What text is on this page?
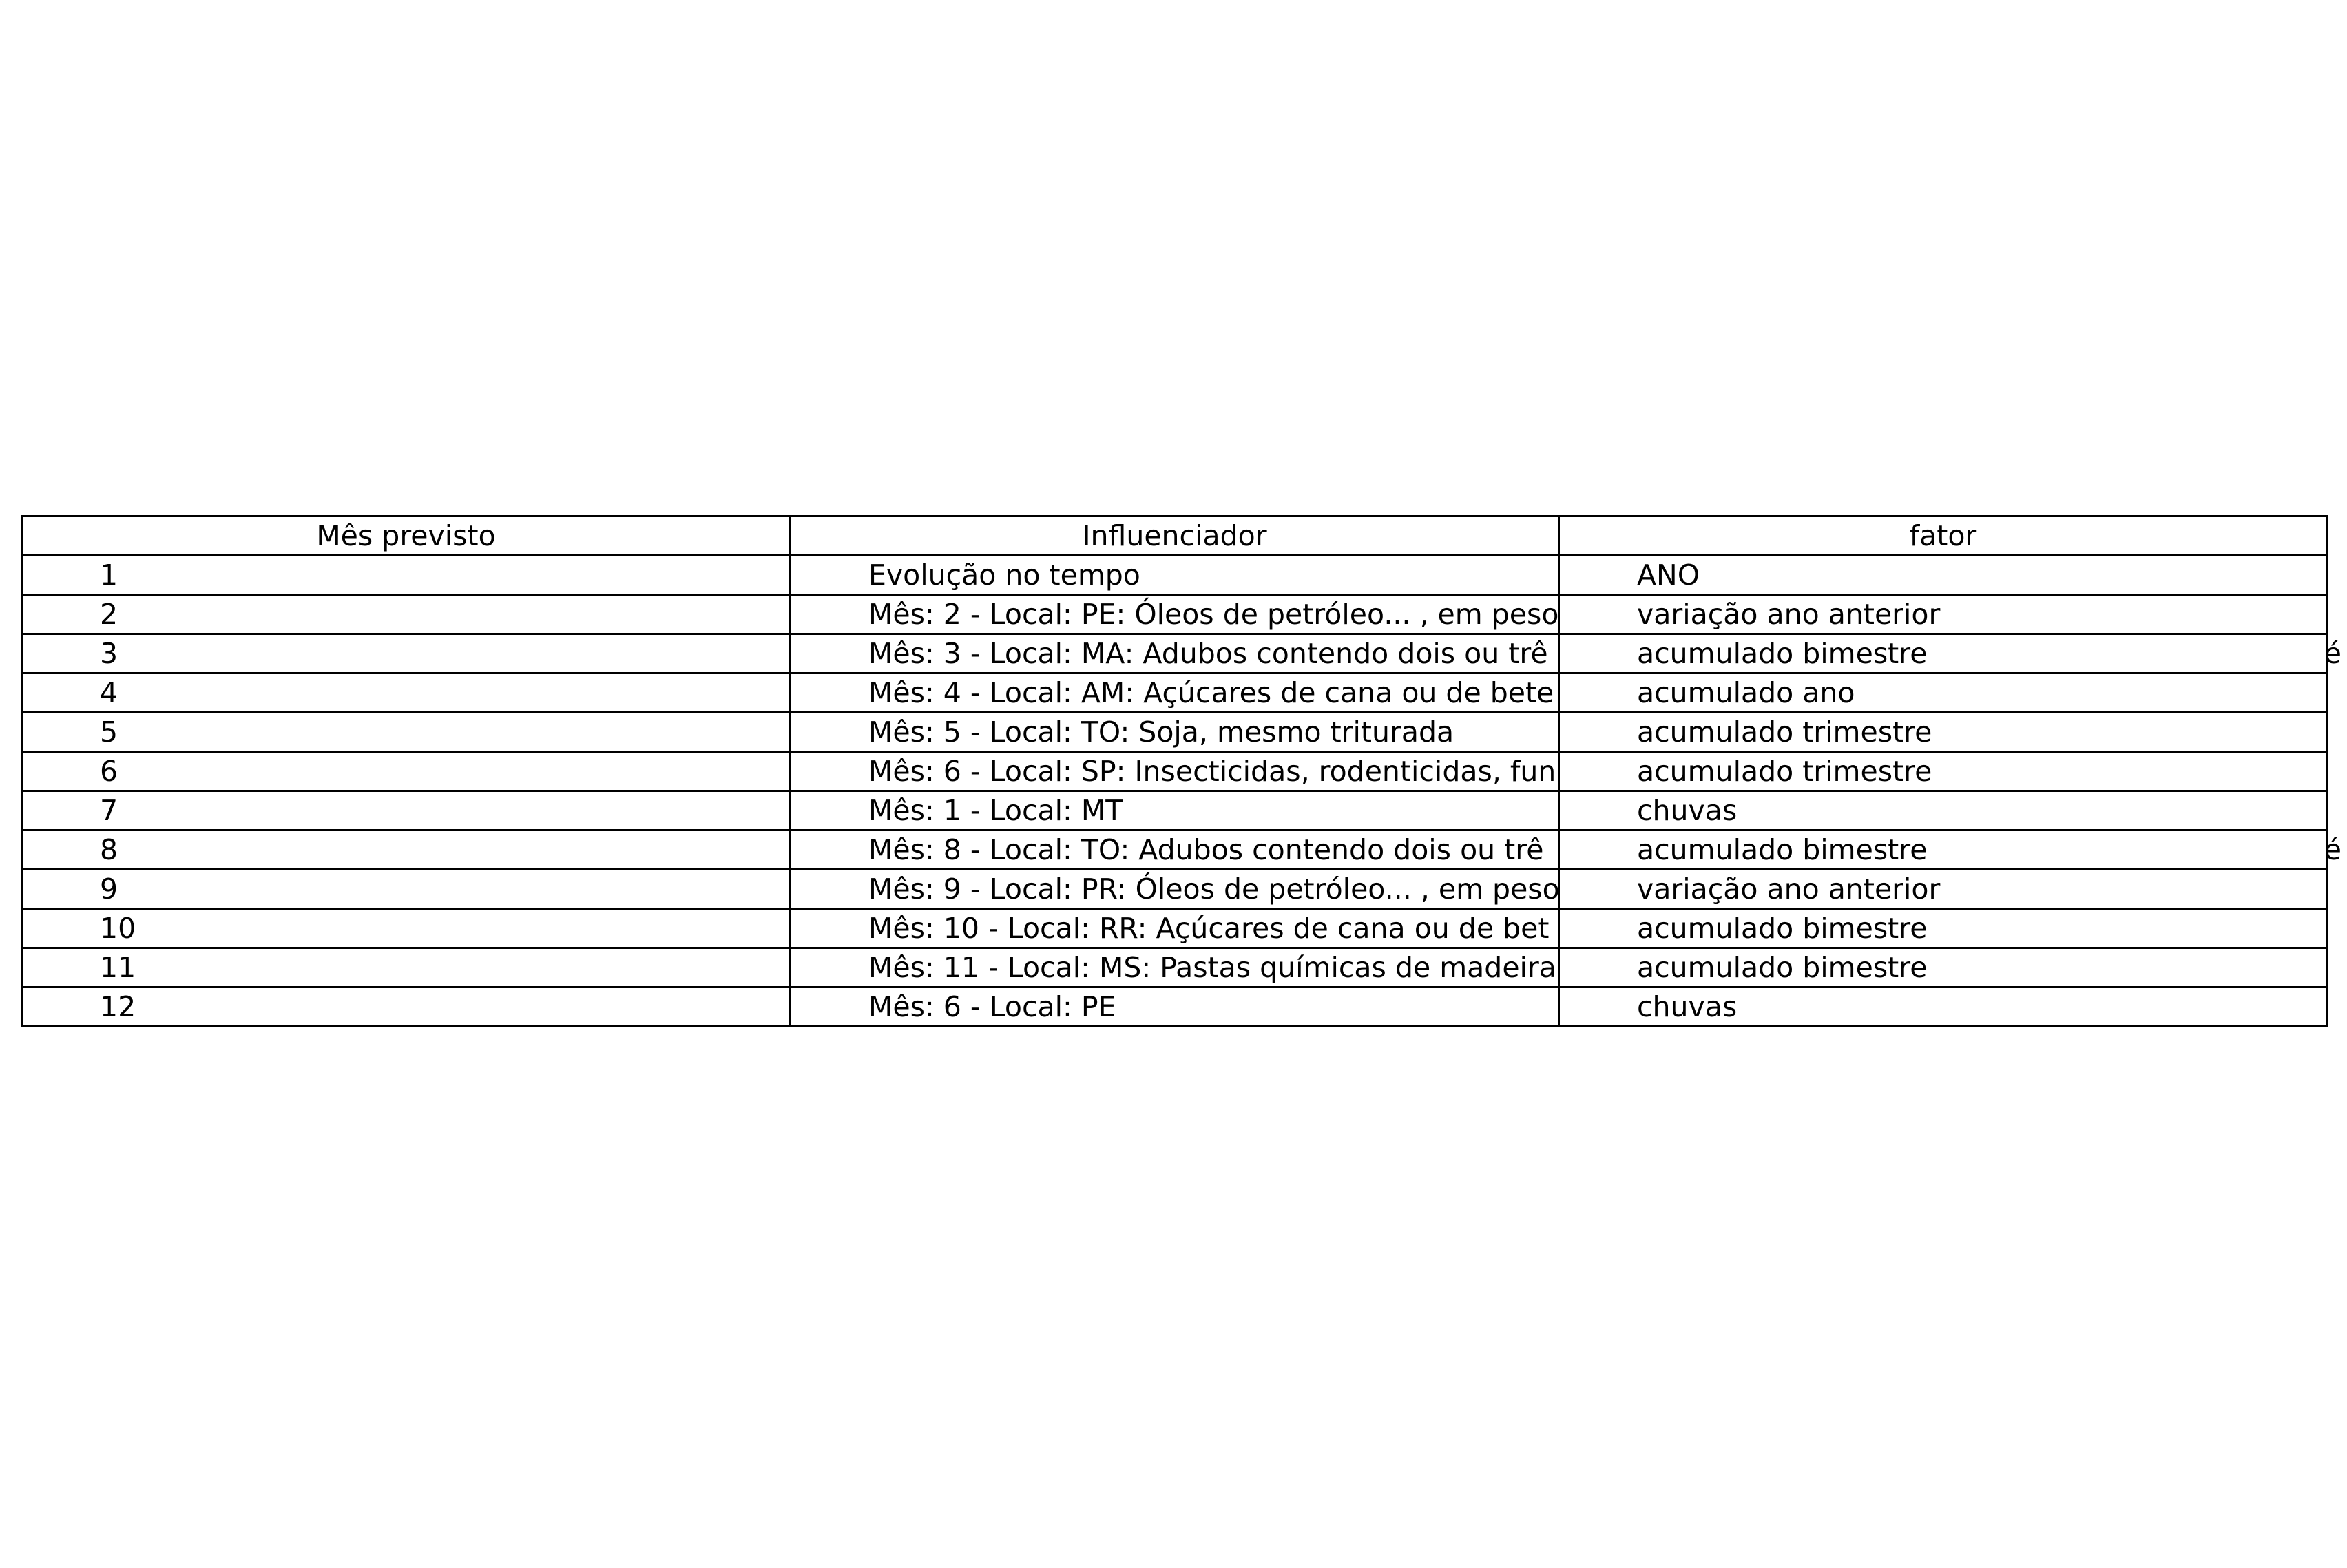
Mês previsto	Influenciador	fator
1	Evolução no tempo	ANO
2	Mês: 2 - Local: PE: Óleos de petróleo... , em peso	variação ano anterior
3	Mês: 3 - Local: MA: Adubos contendo dois ou trê	acumulado bimestre é

4	Mês: 4 - Local: AM: Açúcares de cana ou de bete	acumulado ano
5	Mês: 5 - Local: TO: Soja, mesmo triturada	acumulado trimestre
6	Mês: 6 - Local: SP: Insecticidas, rodenticidas, fun	acumulado trimestre
7	Mês: 1 - Local: MT	chuvas
8	Mês: 8 - Local: TO: Adubos contendo dois ou trê	acumulado bimestre é

9	Mês: 9 - Local: PR: Óleos de petróleo... , em peso	variação ano anterior
10	Mês: 10 - Local: RR: Açúcares de cana ou de bet	acumulado bimestre
11	Mês: 11 - Local: MS: Pastas químicas de madeira	acumulado bimestre
12	Mês: 6 - Local: PE	chuvas
